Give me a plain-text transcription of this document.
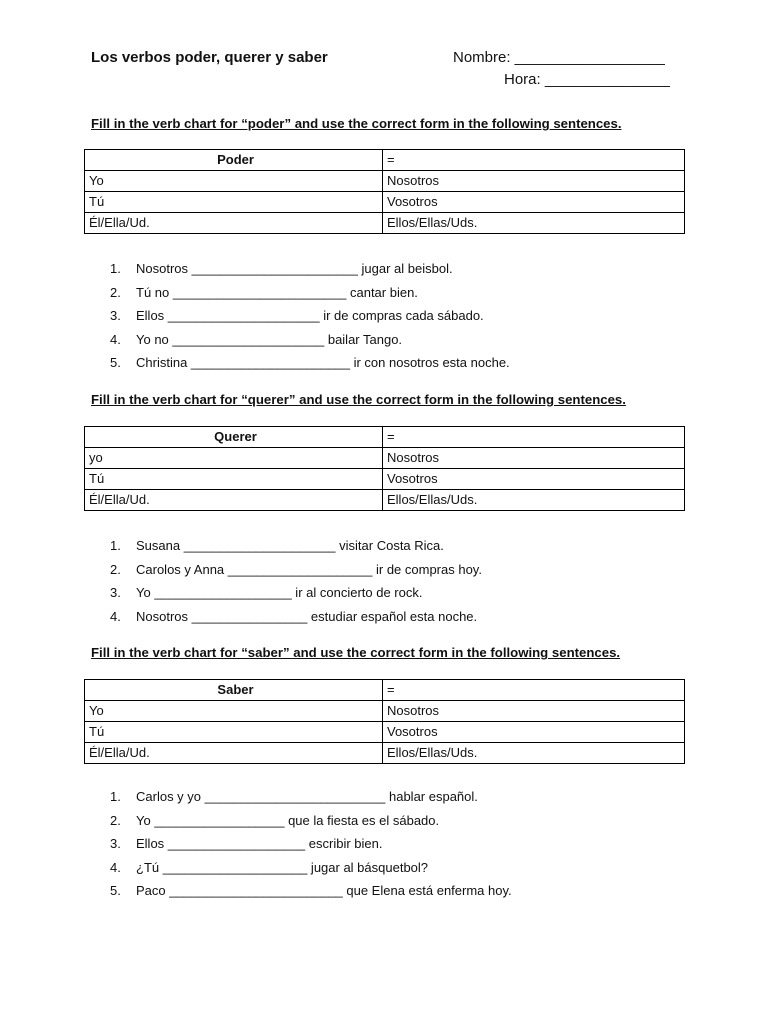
Los verbos poder, querer y saber	Nombre: __________________
Hora: _______________
Fill in the verb chart for “poder” and use the correct form in the following sentences.
Poder	=
Yo	Nosotros
Tú	Vosotros
Él/Ella/Ud.	Ellos/Ellas/Uds.
1. Nosotros _______________________ jugar al beisbol.
2. Tú no ________________________ cantar bien.
3. Ellos _____________________ ir de compras cada sábado.
4. Yo no _____________________ bailar Tango.
5. Christina ______________________ ir con nosotros esta noche.
Fill in the verb chart for “querer” and use the correct form in the following sentences.
Querer	=
yo	Nosotros
Tú	Vosotros
Él/Ella/Ud.	Ellos/Ellas/Uds.
1. Susana _____________________ visitar Costa Rica.
2. Carolos y Anna ____________________ ir de compras hoy.
3. Yo ___________________ ir al concierto de rock.
4. Nosotros ________________ estudiar español esta noche.
Fill in the verb chart for “saber” and use the correct form in the following sentences.
Saber	=
Yo	Nosotros
Tú	Vosotros
Él/Ella/Ud.	Ellos/Ellas/Uds.
1. Carlos y yo _________________________ hablar español.
2. Yo __________________ que la fiesta es el sábado.
3. Ellos ___________________ escribir bien.
4. ¿Tú ____________________ jugar al básquetbol?
5. Paco ________________________ que Elena está enferma hoy.
